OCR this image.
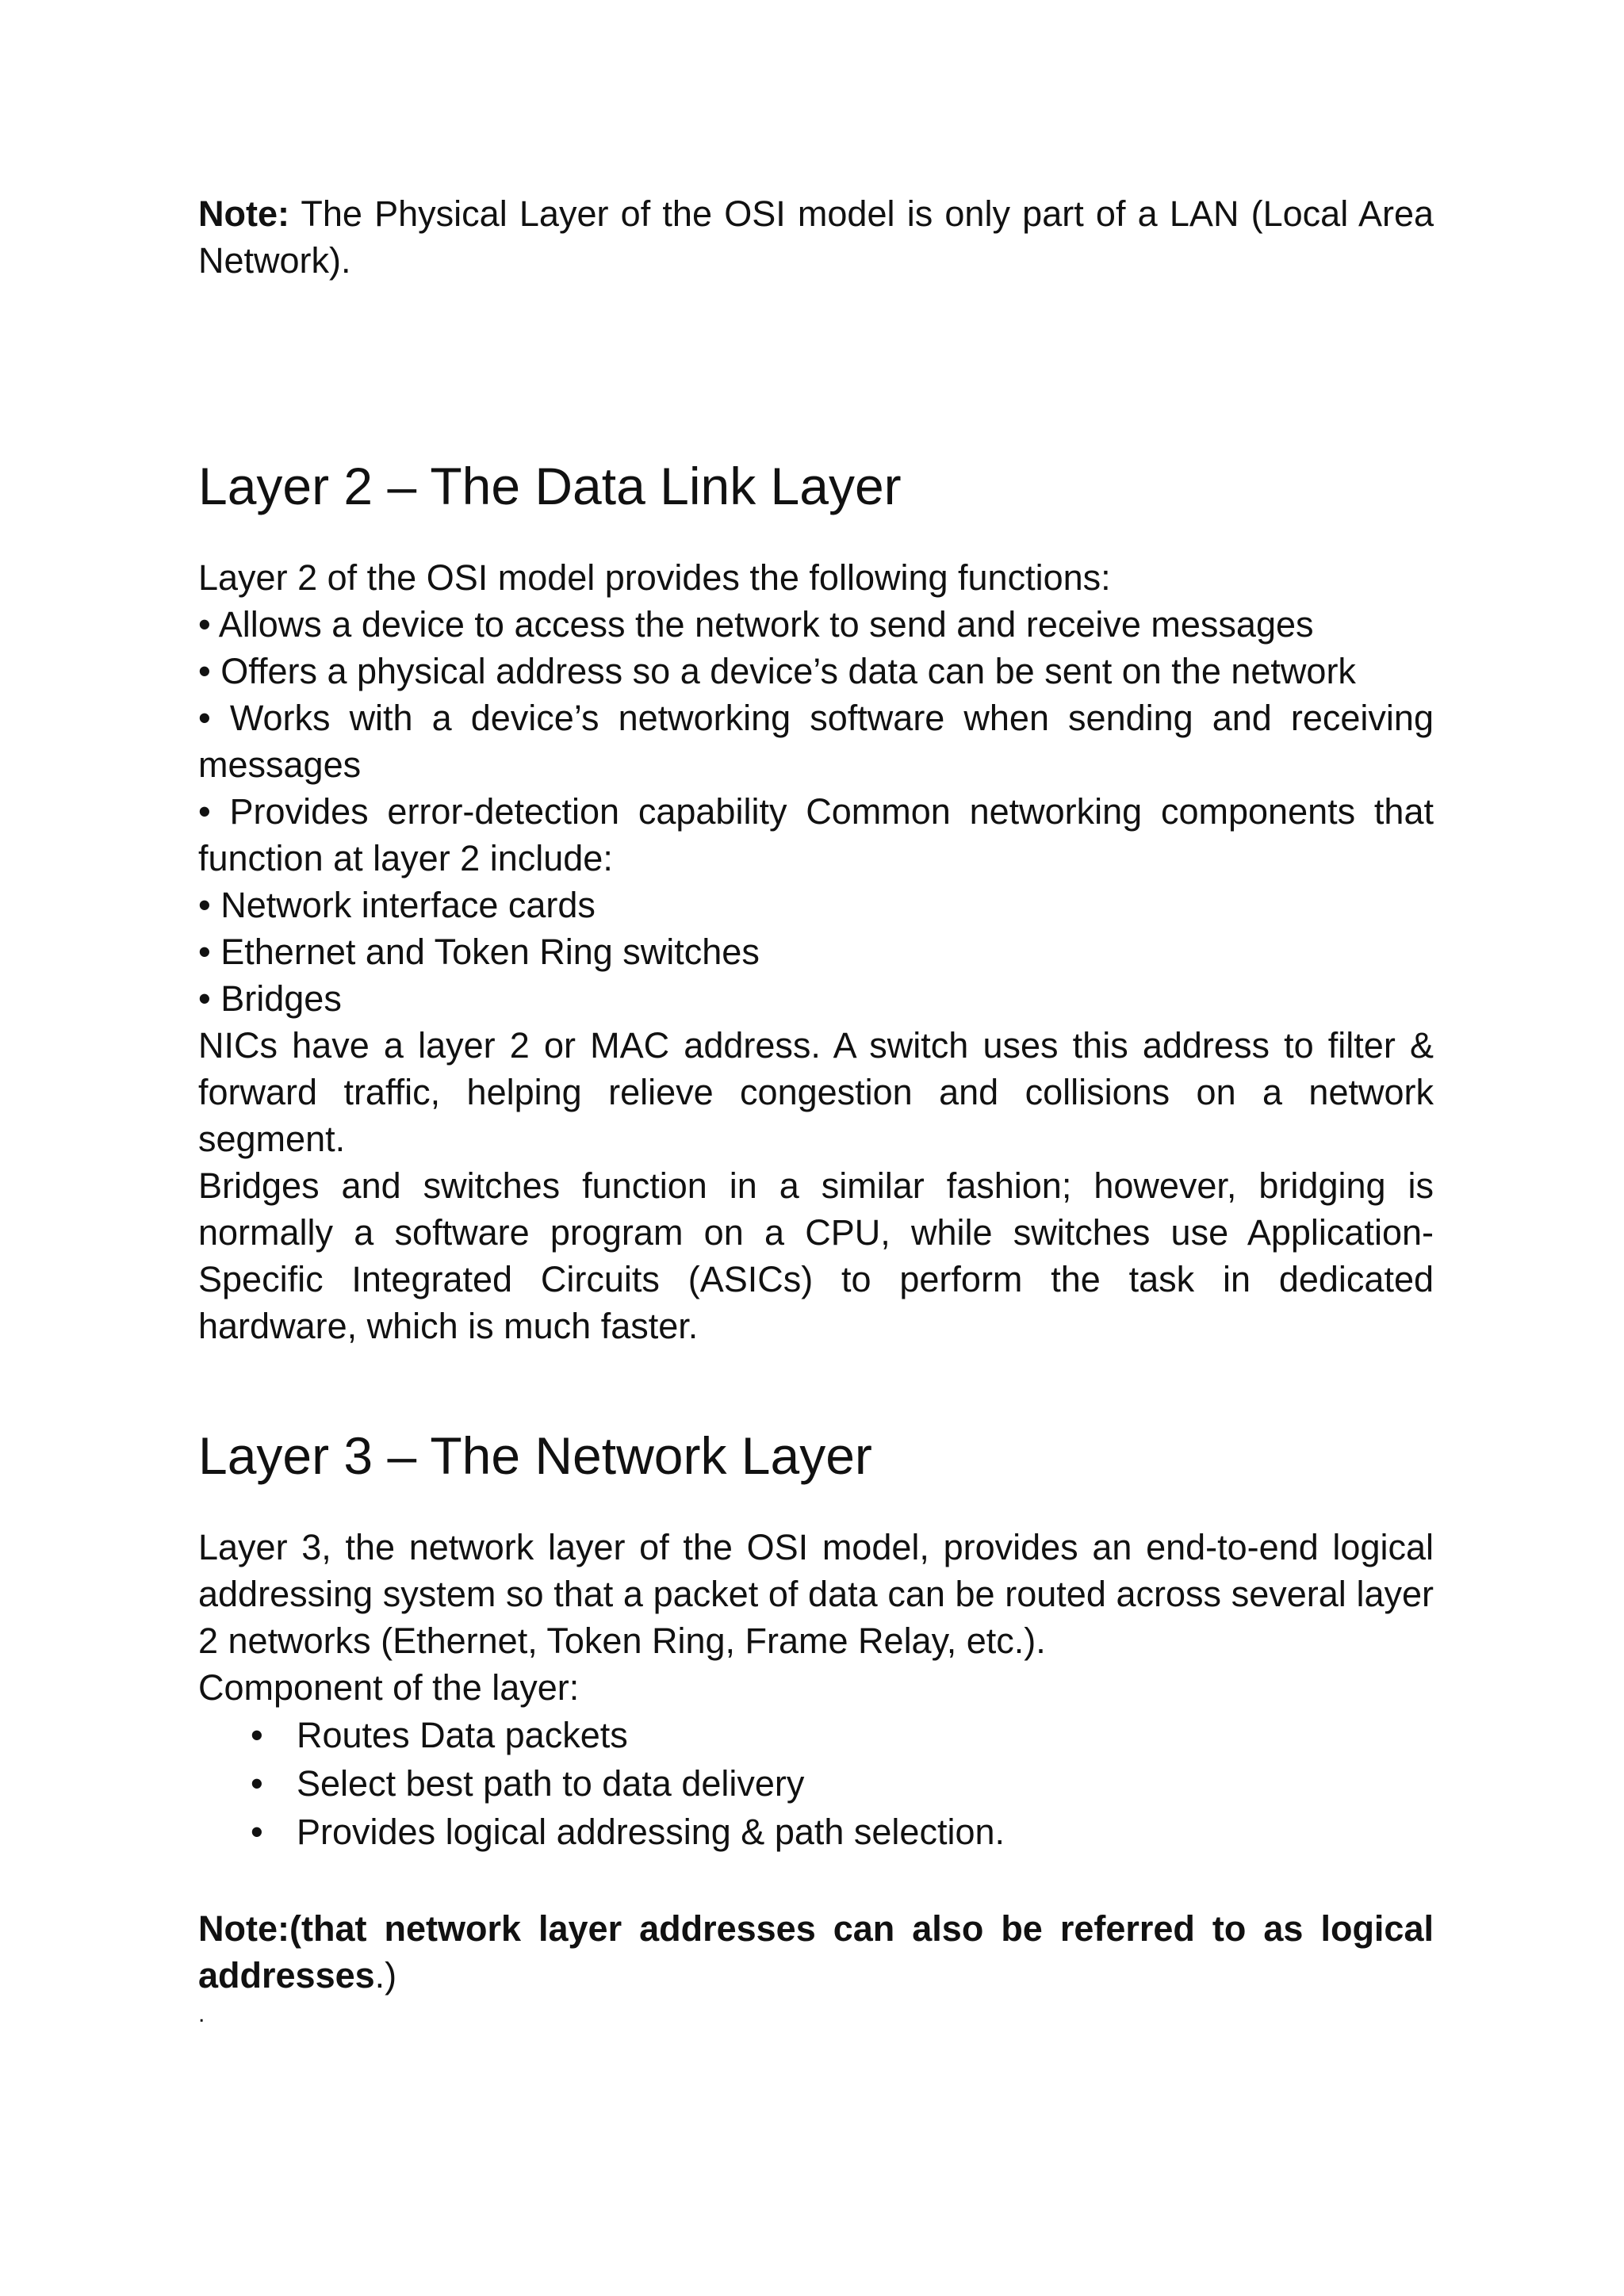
Note: The Physical Layer of the OSI model is only part of a LAN (Local Area Network).

Layer 2 – The Data Link Layer

Layer 2 of the OSI model provides the following functions:

• Allows a device to access the network to send and receive messages

• Offers a physical address so a device’s data can be sent on the network

• Works with a device’s networking software when sending and receiving messages

• Provides error-detection capability Common networking components that function at layer 2 include:

• Network interface cards

• Ethernet and Token Ring switches

• Bridges

NICs have a layer 2 or MAC address. A switch uses this address to filter & forward traffic, helping relieve congestion and collisions on a network segment.

Bridges and switches function in a similar fashion; however, bridging is normally a software program on a CPU, while switches use Application-Specific Integrated Circuits (ASICs) to perform the task in dedicated hardware, which is much faster.

Layer 3 – The Network Layer

Layer 3, the network layer of the OSI model, provides an end-to-end logical addressing system so that a packet of data can be routed across several layer 2 networks (Ethernet, Token Ring, Frame Relay, etc.).

Component of the layer:

• Routes Data packets
• Select best path to data delivery
• Provides logical addressing & path selection.

Note:(that network layer addresses can also be referred to as logical addresses.)

.
